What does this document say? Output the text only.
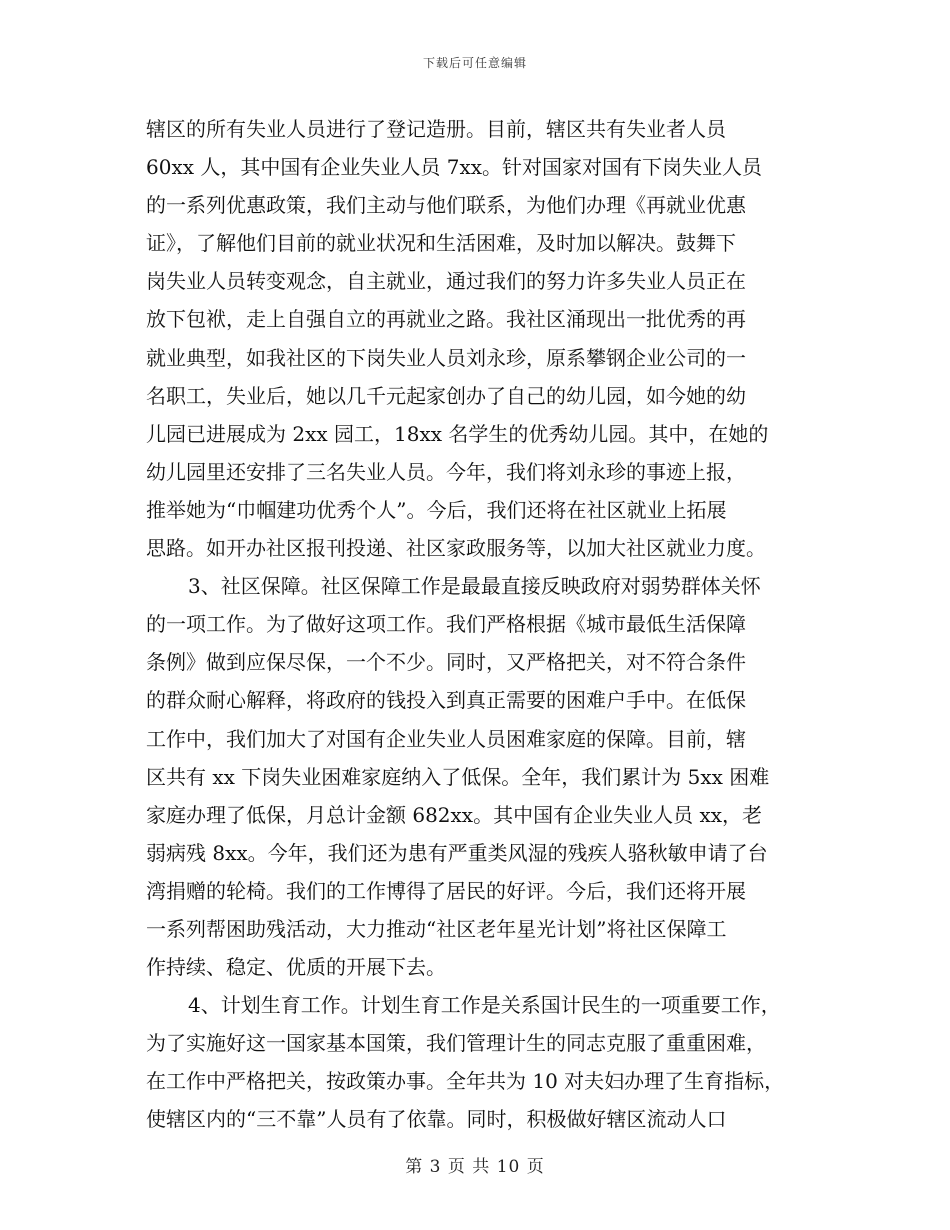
下载后可任意编辑
辖区的所有失业人员进行了登记造册。目前，辖区共有失业者人员
60xx 人，其中国有企业失业人员 7xx。针对国家对国有下岗失业人员
的一系列优惠政策，我们主动与他们联系，为他们办理《再就业优惠
证》，了解他们目前的就业状况和生活困难，及时加以解决。鼓舞下
岗失业人员转变观念，自主就业，通过我们的努力许多失业人员正在
放下包袱，走上自强自立的再就业之路。我社区涌现出一批优秀的再
就业典型，如我社区的下岗失业人员刘永珍，原系攀钢企业公司的一
名职工，失业后，她以几千元起家创办了自己的幼儿园，如今她的幼
儿园已进展成为 2xx 园工，18xx 名学生的优秀幼儿园。其中，在她的
幼儿园里还安排了三名失业人员。今年，我们将刘永珍的事迹上报，
推举她为“巾帼建功优秀个人”。今后，我们还将在社区就业上拓展
思路。如开办社区报刊投递、社区家政服务等，以加大社区就业力度。
3、社区保障。社区保障工作是最最直接反映政府对弱势群体关怀
的一项工作。为了做好这项工作。我们严格根据《城市最低生活保障
条例》做到应保尽保，一个不少。同时，又严格把关，对不符合条件
的群众耐心解释，将政府的钱投入到真正需要的困难户手中。在低保
工作中，我们加大了对国有企业失业人员困难家庭的保障。目前，辖
区共有 xx 下岗失业困难家庭纳入了低保。全年，我们累计为 5xx 困难
家庭办理了低保，月总计金额 682xx。其中国有企业失业人员 xx，老
弱病残 8xx。今年，我们还为患有严重类风湿的残疾人骆秋敏申请了台
湾捐赠的轮椅。我们的工作博得了居民的好评。今后，我们还将开展
一系列帮困助残活动，大力推动“社区老年星光计划”将社区保障工
作持续、稳定、优质的开展下去。
4、计划生育工作。计划生育工作是关系国计民生的一项重要工作，
为了实施好这一国家基本国策，我们管理计生的同志克服了重重困难，
在工作中严格把关，按政策办事。全年共为 10 对夫妇办理了生育指标，
使辖区内的“三不靠”人员有了依靠。同时，积极做好辖区流动人口
第 3 页 共 10 页
